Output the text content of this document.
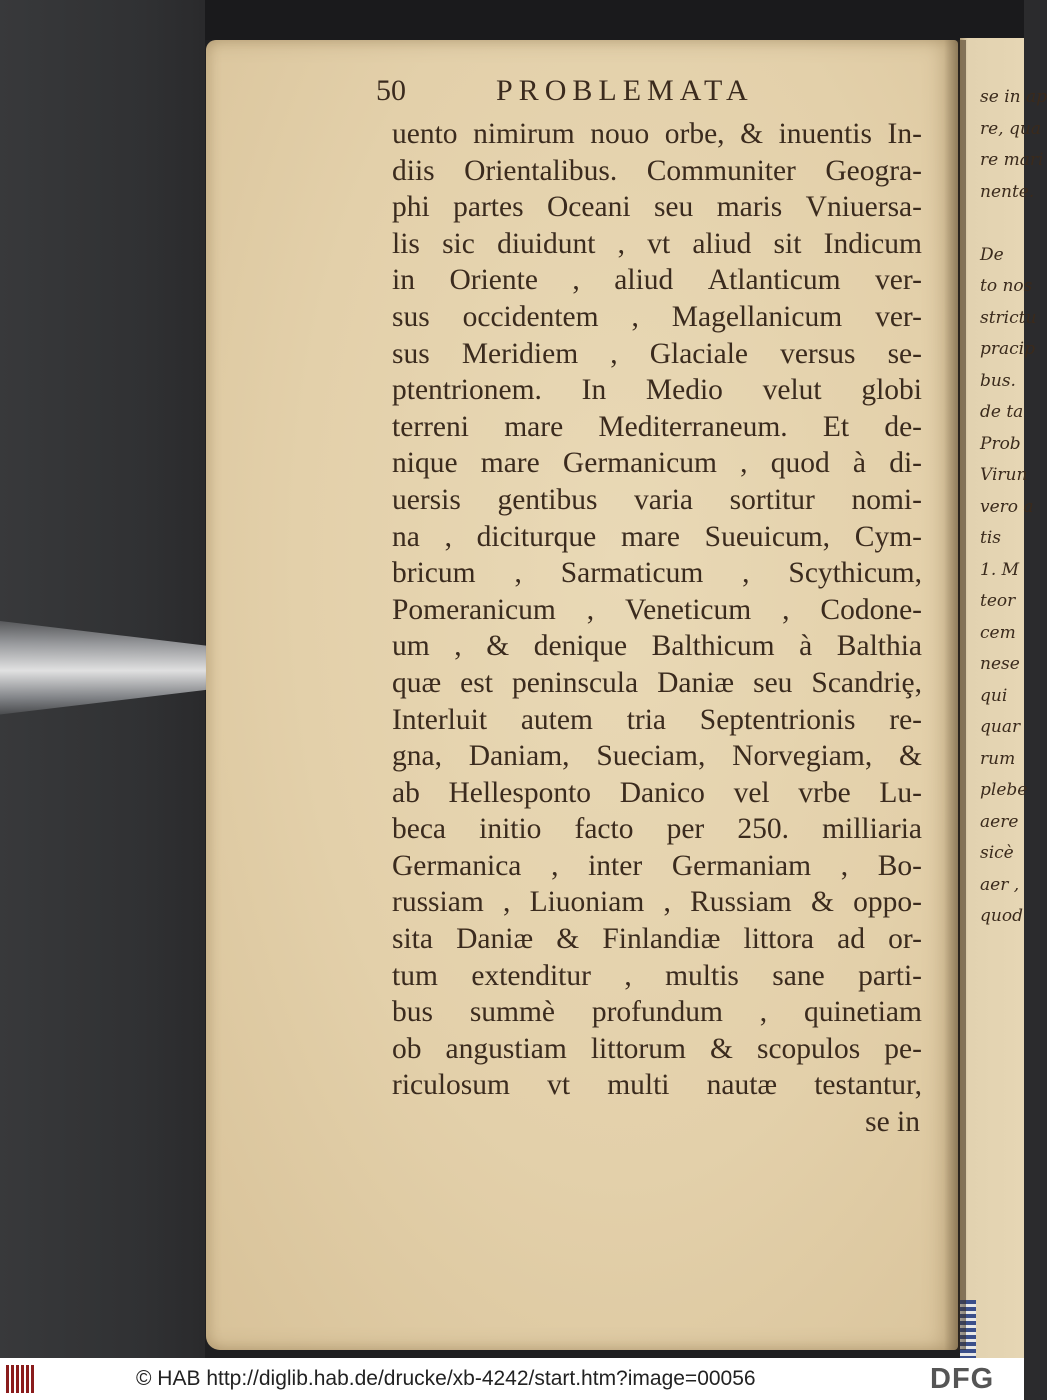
se in ap
re, qua
re mari
nente.

De
to nos
strictu
pracip
bus.
de ta
Prob
Virun
vero a
tis
1. M
teor
cem
nese
qui
quar
rum
plebe
aere
sicè
aer ,
quod
50	PROBLEMATA
uento nimirum nouo orbe, & inuentis In-
diis Orientalibus. Communiter Geogra-
phi partes Oceani seu maris Vniuersa-
lis sic diuidunt , vt aliud sit Indicum
in Oriente , aliud Atlanticum ver-
sus occidentem , Magellanicum ver-
sus Meridiem , Glaciale versus se-
ptentrionem. In Medio velut globi
terreni mare Mediterraneum. Et de-
nique mare Germanicum , quod à di-
uersis gentibus varia sortitur nomi-
na , diciturque mare Sueuicum, Cym-
bricum , Sarmaticum , Scythicum,
Pomeranicum , Veneticum , Codone-
um , & denique Balthicum à Balthia
quæ est peninscula Daniæ seu Scandriȩ,
Interluit autem tria Septentrionis re-
gna, Daniam, Sueciam, Norvegiam, &
ab Hellesponto Danico vel vrbe Lu-
beca initio facto per 250. milliaria
Germanica , inter Germaniam , Bo-
russiam , Liuoniam , Russiam & oppo-
sita Daniæ & Finlandiæ littora ad or-
tum extenditur , multis sane parti-
bus summè profundum , quinetiam
ob angustiam littorum & scopulos pe-
riculosum vt multi nautæ testantur,
se in
© HAB http://diglib.hab.de/drucke/xb-4242/start.htm?image=00056	DFG
